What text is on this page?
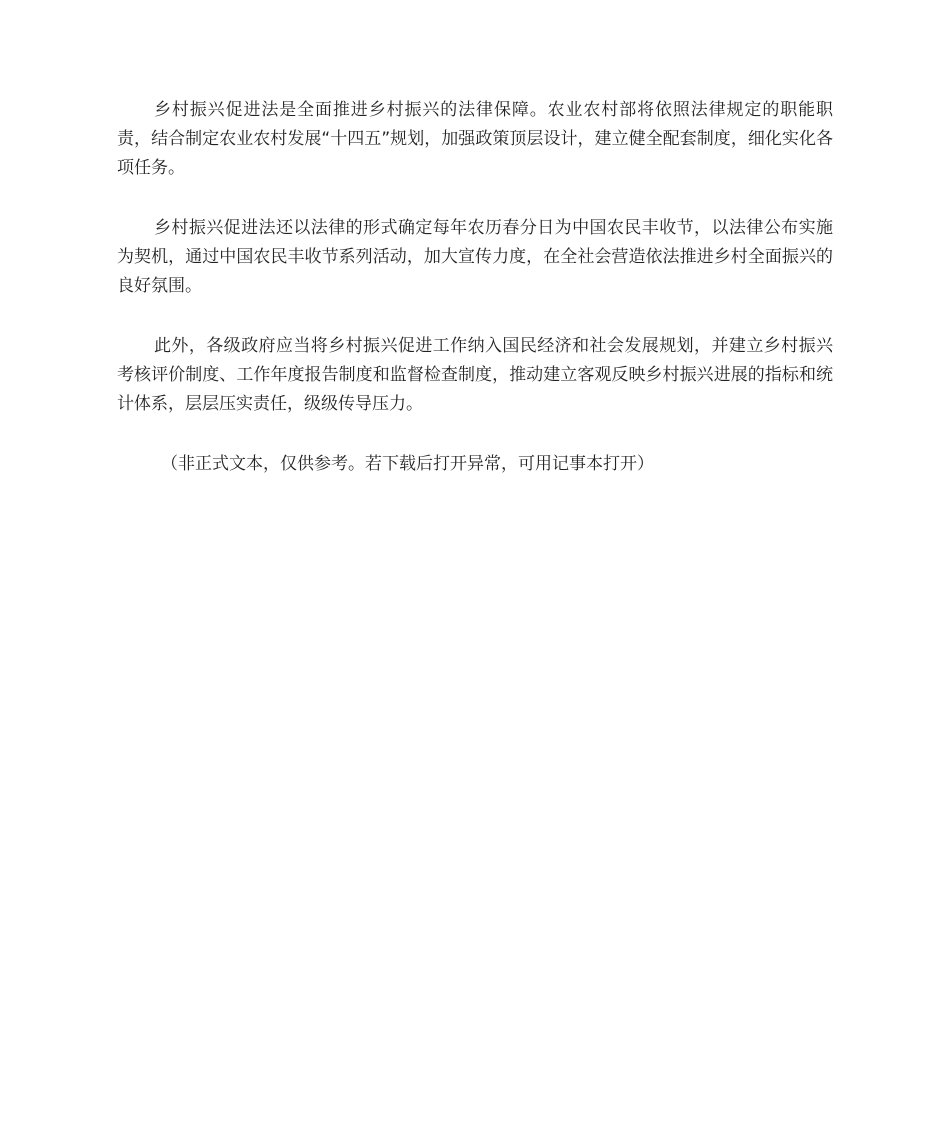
乡村振兴促进法是全面推进乡村振兴的法律保障。农业农村部将依照法律规定的职能职责，结合制定农业农村发展“十四五”规划，加强政策顶层设计，建立健全配套制度，细化实化各项任务。

乡村振兴促进法还以法律的形式确定每年农历春分日为中国农民丰收节，以法律公布实施为契机，通过中国农民丰收节系列活动，加大宣传力度，在全社会营造依法推进乡村全面振兴的良好氛围。

此外，各级政府应当将乡村振兴促进工作纳入国民经济和社会发展规划，并建立乡村振兴考核评价制度、工作年度报告制度和监督检查制度，推动建立客观反映乡村振兴进展的指标和统计体系，层层压实责任，级级传导压力。

（非正式文本，仅供参考。若下载后打开异常，可用记事本打开）
